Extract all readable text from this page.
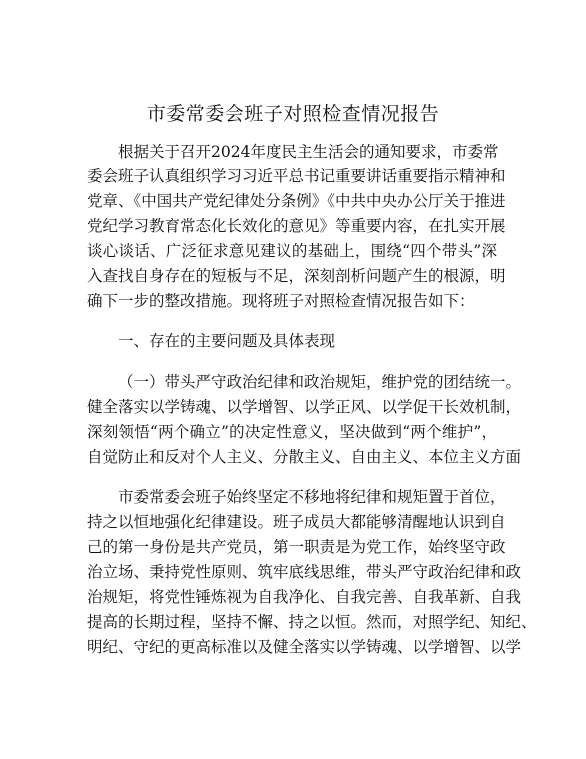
市委常委会班子对照检查情况报告
根据关于召开2024年度民主生活会的通知要求，市委常
委会班子认真组织学习习近平总书记重要讲话重要指示精神和
党章、《中国共产党纪律处分条例》《中共中央办公厅关于推进
党纪学习教育常态化长效化的意见》等重要内容，在扎实开展
谈心谈话、广泛征求意见建议的基础上，围绕“四个带头”深
入查找自身存在的短板与不足，深刻剖析问题产生的根源，明
确下一步的整改措施。现将班子对照检查情况报告如下：
一、存在的主要问题及具体表现
（一）带头严守政治纪律和政治规矩，维护党的团结统一。
健全落实以学铸魂、以学增智、以学正风、以学促干长效机制，
深刻领悟“两个确立”的决定性意义，坚决做到“两个维护”，
自觉防止和反对个人主义、分散主义、自由主义、本位主义方面
市委常委会班子始终坚定不移地将纪律和规矩置于首位，
持之以恒地强化纪律建设。班子成员大都能够清醒地认识到自
己的第一身份是共产党员，第一职责是为党工作，始终坚守政
治立场、秉持党性原则、筑牢底线思维，带头严守政治纪律和政
治规矩，将党性锤炼视为自我净化、自我完善、自我革新、自我
提高的长期过程，坚持不懈、持之以恒。然而，对照学纪、知纪、
明纪、守纪的更高标准以及健全落实以学铸魂、以学增智、以学
